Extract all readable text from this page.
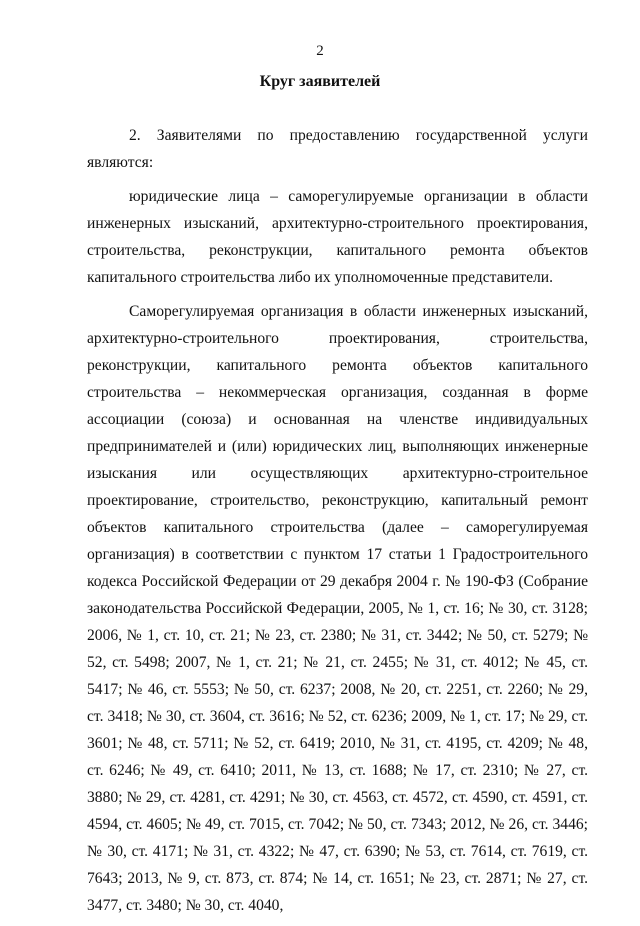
2
Круг заявителей

2. Заявителями по предоставлению государственной услуги являются:

юридические лица – саморегулируемые организации в области инженерных изысканий, архитектурно-строительного проектирования, строительства, реконструкции, капитального ремонта объектов капитального строительства либо их уполномоченные представители.

Саморегулируемая организация в области инженерных изысканий, архитектурно-строительного проектирования, строительства, реконструкции, капитального ремонта объектов капитального строительства – некоммерческая организация, созданная в форме ассоциации (союза) и основанная на членстве индивидуальных предпринимателей и (или) юридических лиц, выполняющих инженерные изыскания или осуществляющих архитектурно-строительное проектирование, строительство, реконструкцию, капитальный ремонт объектов капитального строительства (далее – саморегулируемая организация) в соответствии с пунктом 17 статьи 1 Градостроительного кодекса Российской Федерации от 29 декабря 2004 г. № 190-ФЗ (Собрание законодательства Российской Федерации, 2005, № 1, ст. 16; № 30, ст. 3128; 2006, № 1, ст. 10, ст. 21; № 23, ст. 2380; № 31, ст. 3442; № 50, ст. 5279; № 52, ст. 5498; 2007, № 1, ст. 21; № 21, ст. 2455; № 31, ст. 4012; № 45, ст. 5417; № 46, ст. 5553; № 50, ст. 6237; 2008, № 20, ст. 2251, ст. 2260; № 29, ст. 3418; № 30, ст. 3604, ст. 3616; № 52, ст. 6236; 2009, № 1, ст. 17; № 29, ст. 3601; № 48, ст. 5711; № 52, ст. 6419; 2010, № 31, ст. 4195, ст. 4209; № 48, ст. 6246; № 49, ст. 6410; 2011, № 13, ст. 1688; № 17, ст. 2310; № 27, ст. 3880; № 29, ст. 4281, ст. 4291; № 30, ст. 4563, ст. 4572, ст. 4590, ст. 4591, ст. 4594, ст. 4605; № 49, ст. 7015, ст. 7042; № 50, ст. 7343; 2012, № 26, ст. 3446; № 30, ст. 4171; № 31, ст. 4322; № 47, ст. 6390; № 53, ст. 7614, ст. 7619, ст. 7643; 2013, № 9, ст. 873, ст. 874; № 14, ст. 1651; № 23, ст. 2871; № 27, ст. 3477, ст. 3480; № 30, ст. 4040,
